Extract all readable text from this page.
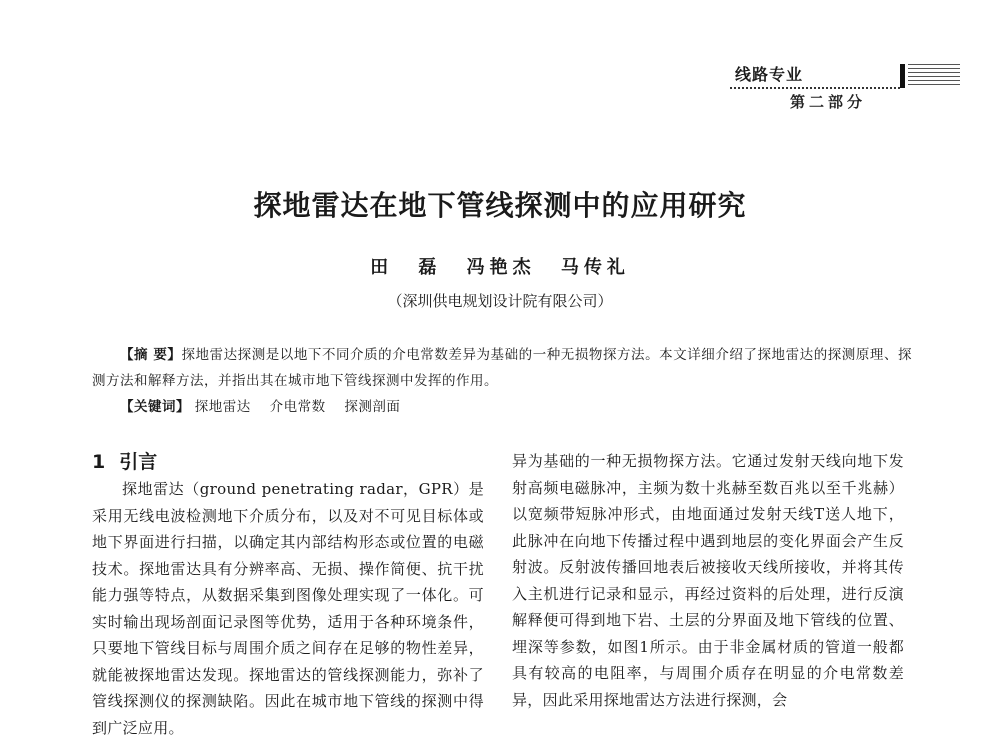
线路专业
第二部分
探地雷达在地下管线探测中的应用研究
田 磊 冯艳杰 马传礼
（深圳供电规划设计院有限公司）
【摘 要】探地雷达探测是以地下不同介质的介电常数差异为基础的一种无损物探方法。本文详细介绍了探地雷达的探测原理、探测方法和解释方法，并指出其在城市地下管线探测中发挥的作用。
【关键词】 探地雷达 介电常数 探测剖面
1 引言

探地雷达（ground penetrating radar，GPR）是采用无线电波检测地下介质分布，以及对不可见目标体或地下界面进行扫描，以确定其内部结构形态或位置的电磁技术。探地雷达具有分辨率高、无损、操作简便、抗干扰能力强等特点，从数据采集到图像处理实现了一体化。可实时输出现场剖面记录图等优势，适用于各种环境条件，只要地下管线目标与周围介质之间存在足够的物性差异，就能被探地雷达发现。探地雷达的管线探测能力，弥补了管线探测仪的探测缺陷。因此在城市地下管线的探测中得到广泛应用。

异为基础的一种无损物探方法。它通过发射天线向地下发射高频电磁脉冲，主频为数十兆赫至数百兆以至千兆赫）以宽频带短脉冲形式，由地面通过发射天线T送人地下，此脉冲在向地下传播过程中遇到地层的变化界面会产生反射波。反射波传播回地表后被接收天线所接收，并将其传入主机进行记录和显示，再经过资料的后处理，进行反演解释便可得到地下岩、土层的分界面及地下管线的位置、埋深等参数，如图1所示。由于非金属材质的管道一般都具有较高的电阻率，与周围介质存在明显的介电常数差异，因此采用探地雷达方法进行探测，会
